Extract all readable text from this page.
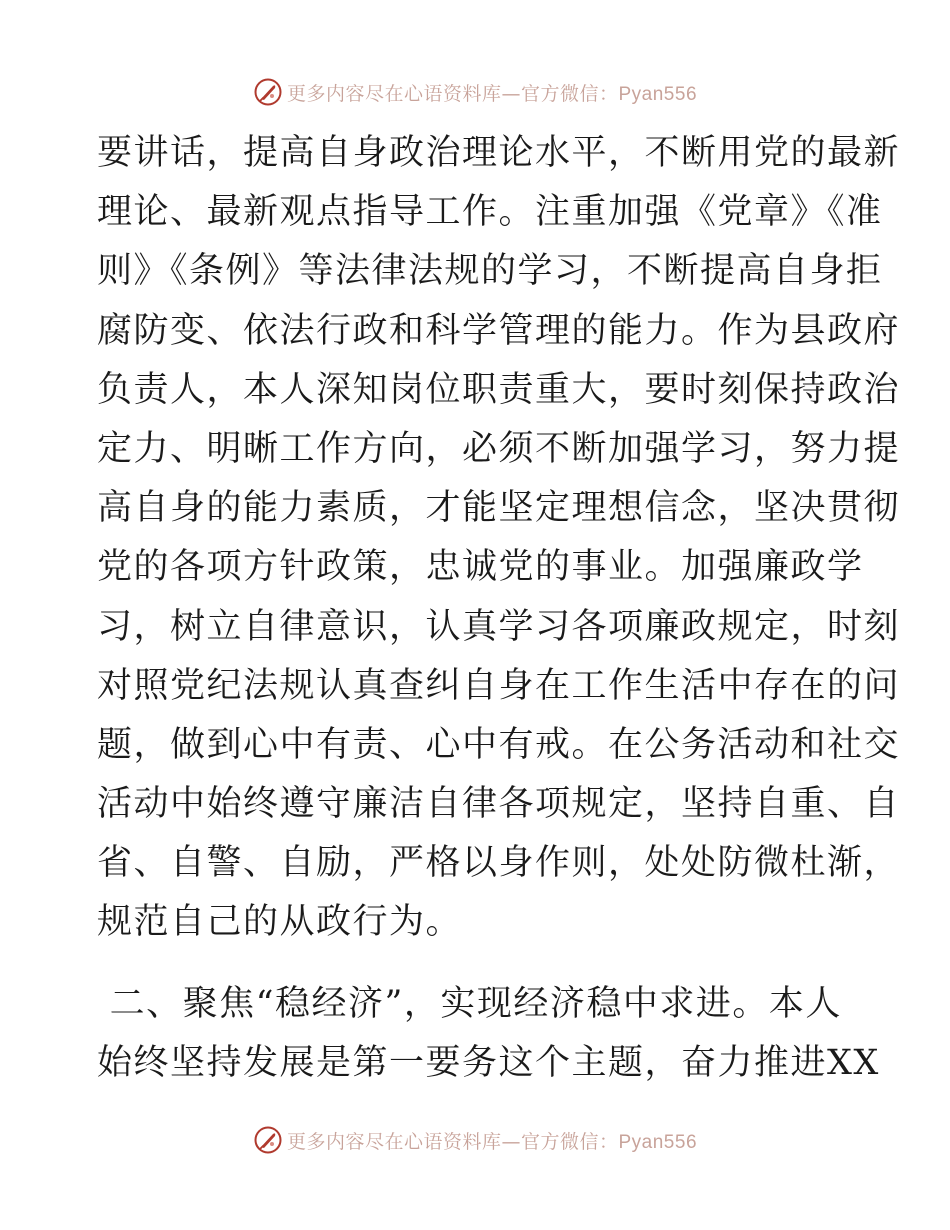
更多内容尽在心语资料库—官方微信：Pyan556
要讲话，提高自身政治理论水平，不断用党的最新
理论、最新观点指导工作。注重加强《党章》《准
则》《条例》等法律法规的学习，不断提高自身拒
腐防变、依法行政和科学管理的能力。作为县政府
负责人，本人深知岗位职责重大，要时刻保持政治
定力、明晰工作方向，必须不断加强学习，努力提
高自身的能力素质，才能坚定理想信念，坚决贯彻
党的各项方针政策，忠诚党的事业。加强廉政学
习，树立自律意识，认真学习各项廉政规定，时刻
对照党纪法规认真查纠自身在工作生活中存在的问
题，做到心中有责、心中有戒。在公务活动和社交
活动中始终遵守廉洁自律各项规定，坚持自重、自
省、自警、自励，严格以身作则，处处防微杜渐，
规范自己的从政行为。
二、聚焦“稳经济”，实现经济稳中求进。本人
始终坚持发展是第一要务这个主题，奋力推进XX
更多内容尽在心语资料库—官方微信：Pyan556
